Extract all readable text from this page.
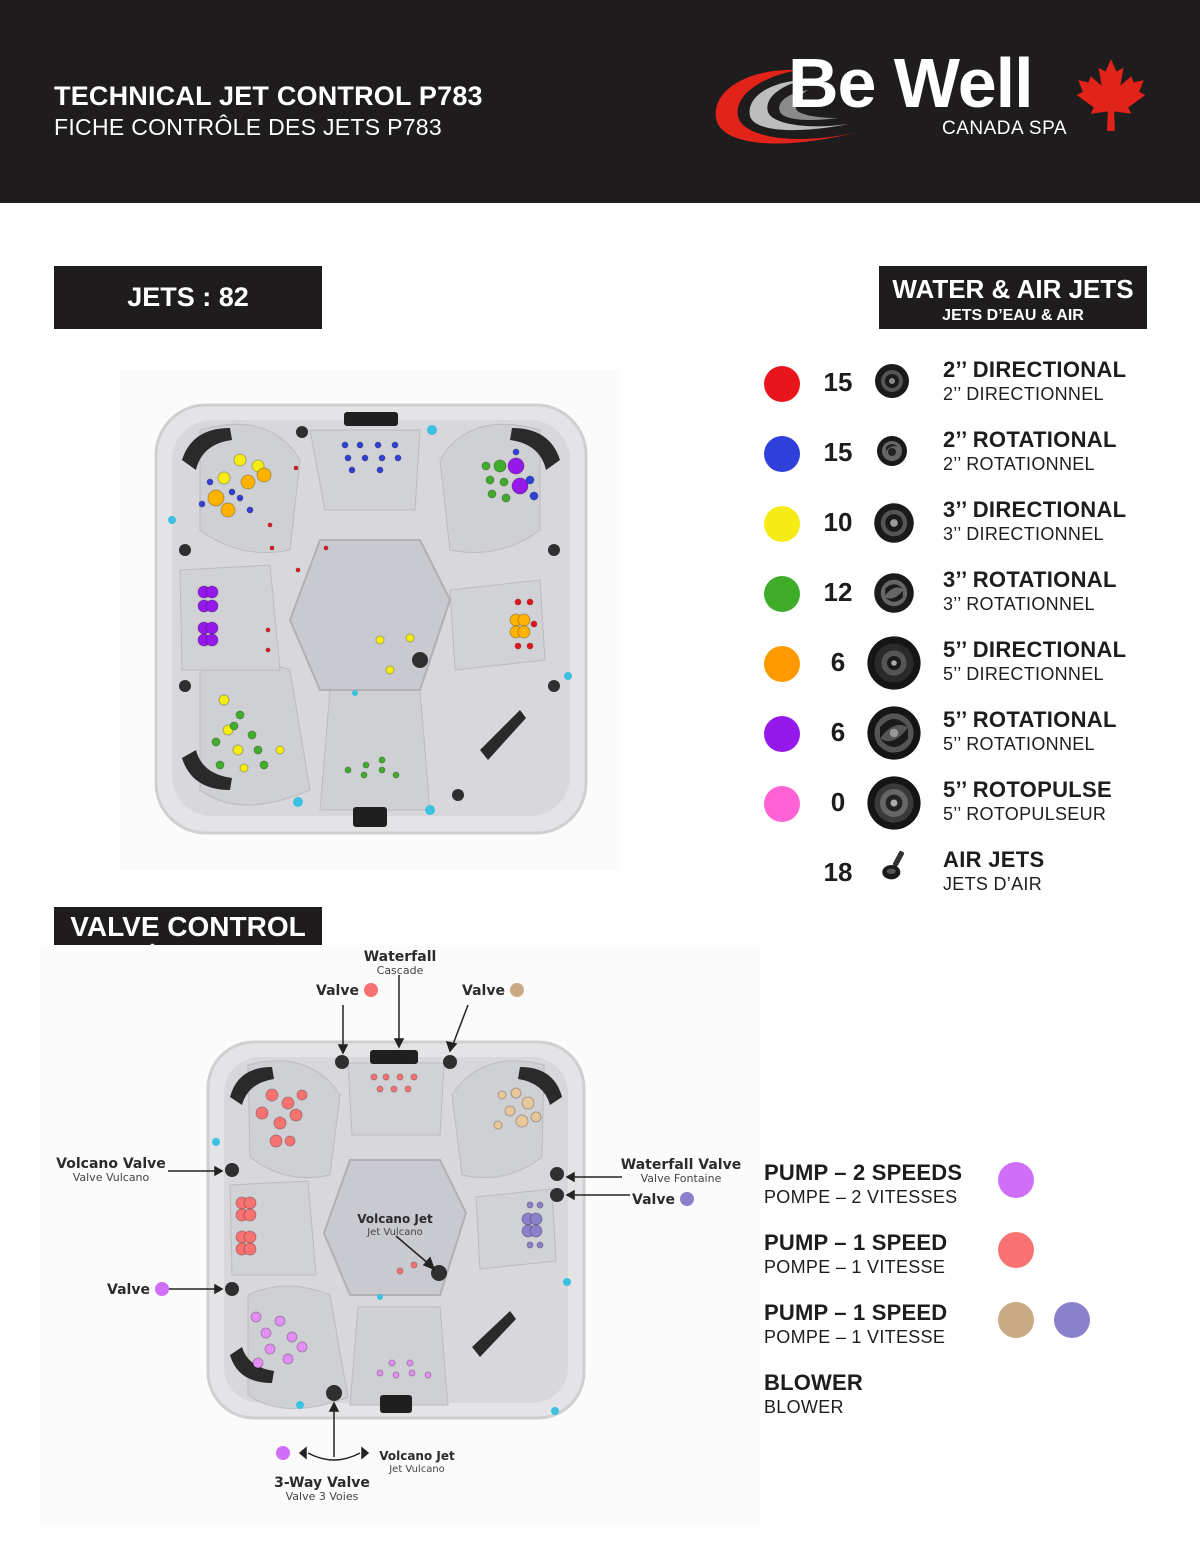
TECHNICAL JET CONTROL P783
FICHE CONTRÔLE DES JETS P783
Be Well
CANADA SPA
JETS : 82	WATER & AIR JETS
JETS D’EAU & AIR
15	2’’ DIRECTIONAL
2’’ DIRECTIONNEL
15	2’’ ROTATIONAL
2’’ ROTATIONNEL
10	3’’ DIRECTIONAL
3’’ DIRECTIONNEL
12	3’’ ROTATIONAL
3’’ ROTATIONNEL
6	5’’ DIRECTIONAL
5’’ DIRECTIONNEL
6	5’’ ROTATIONAL
5’’ ROTATIONNEL
0	5’’ ROTOPULSE
5’’ ROTOPULSEUR
18	AIR JETS
JETS D’AIR
VALVE CONTROL
Waterfall
Cascade
Valve	Valve
Volcano Valve
Valve Vulcano
Waterfall Valve
Valve Fontaine
Valve
Valve
Volcano Jet
Jet Vulcano
Volcano Jet
Jet Vulcano
3-Way Valve
Valve 3 Voies
PUMP – 2 SPEEDS
POMPE – 2 VITESSES
PUMP – 1 SPEED
POMPE – 1 VITESSE
PUMP – 1 SPEED
POMPE – 1 VITESSE
BLOWER
BLOWER
